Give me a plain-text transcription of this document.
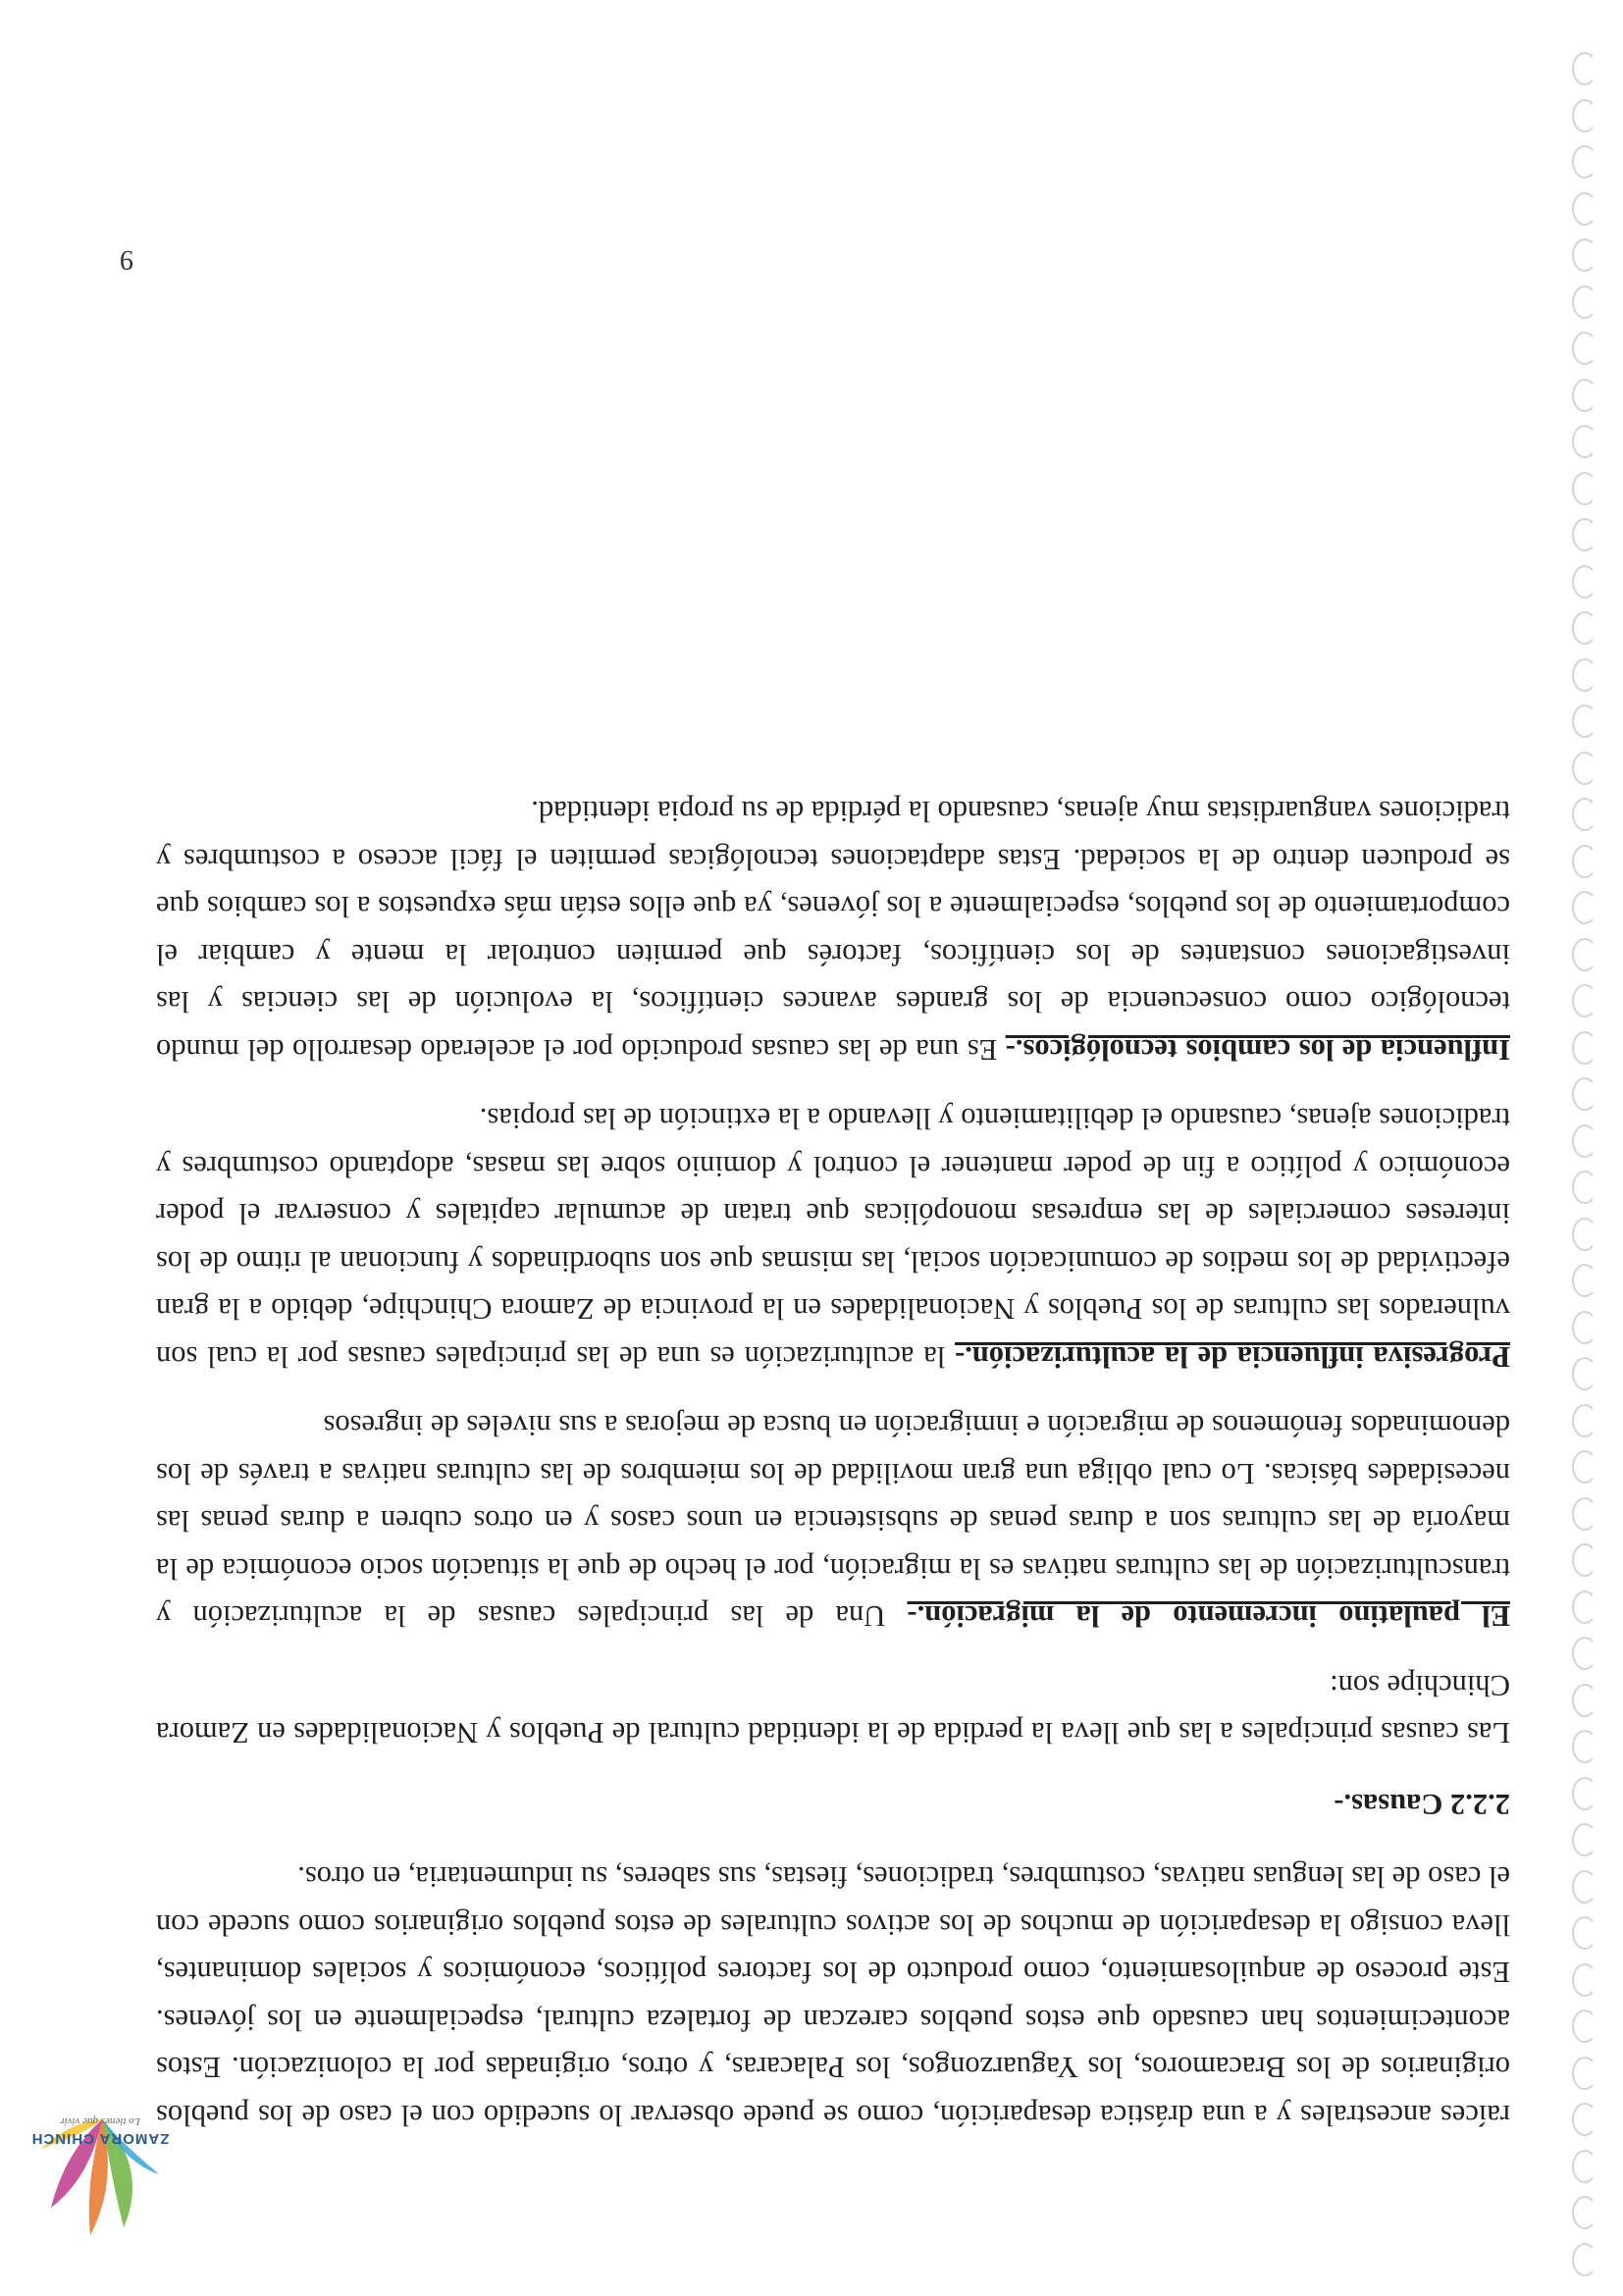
ZAMORA CHINCH
Lo tienes que vivir raíces ancestrales y a una drástica desaparición, como se puede observar lo sucedido con el caso de los pueblos originarios de los Bracamoros, los Yaguarzongos, los Palacaras, y otros, originadas por la colonización. Estos acontecimientos han causado que estos pueblos carezcan de fortaleza cultural, especialmente en los jóvenes. Este proceso de anquilosamiento, como producto de los factores políticos, económicos y sociales dominantes, lleva consigo la desaparición de muchos de los activos culturales de estos pueblos originarios como sucede con el caso de las lenguas nativas, costumbres, tradiciones, fiestas, sus saberes, su indumentaria, en otros.

2.2.2 Causas.-

Las causas principales a las que lleva la perdida de la identidad cultural de Pueblos y Nacionalidades en Zamora Chinchipe son:

El paulatino incremento de la migración.- Una de las principales causas de la aculturización y transculturización de las culturas nativas es la migración, por el hecho de que la situación socio económica de la mayoría de las culturas son a duras penas de subsistencia en unos casos y en otros cubren a duras penas las necesidades básicas. Lo cual obliga una gran movilidad de los miembros de las culturas nativas a través de los denominados fenómenos de migración e inmigración en busca de mejoras a sus niveles de ingresos

Progresiva influencia de la aculturización.- la aculturización es una de las principales causas por la cual son vulnerados las culturas de los Pueblos y Nacionalidades en la provincia de Zamora Chinchipe, debido a la gran efectividad de los medios de comunicación social, las mismas que son subordinados y funcionan al ritmo de los intereses comerciales de las empresas monopólicas que tratan de acumular capitales y conservar el poder económico y político a fin de poder mantener el control y dominio sobre las masas, adoptando costumbres y tradiciones ajenas, causando el debilitamiento y llevando a la extinción de las propias.

Influencia de los cambios tecnológicos.- Es una de las causas producido por el acelerado desarrollo del mundo tecnológico como consecuencia de los grandes avances científicos, la evolución de las ciencias y las investigaciones constantes de los científicos, factorés que permiten controlar la mente y cambiar el comportamiento de los pueblos, especialmente a los jóvenes, ya que ellos están más expuestos a los cambios que se producen dentro de la sociedad. Estas adaptaciones tecnológicas permiten el fácil acceso a costumbres y tradiciones vanguardistas muy ajenas, causando la pérdida de su propia identidad.

9
